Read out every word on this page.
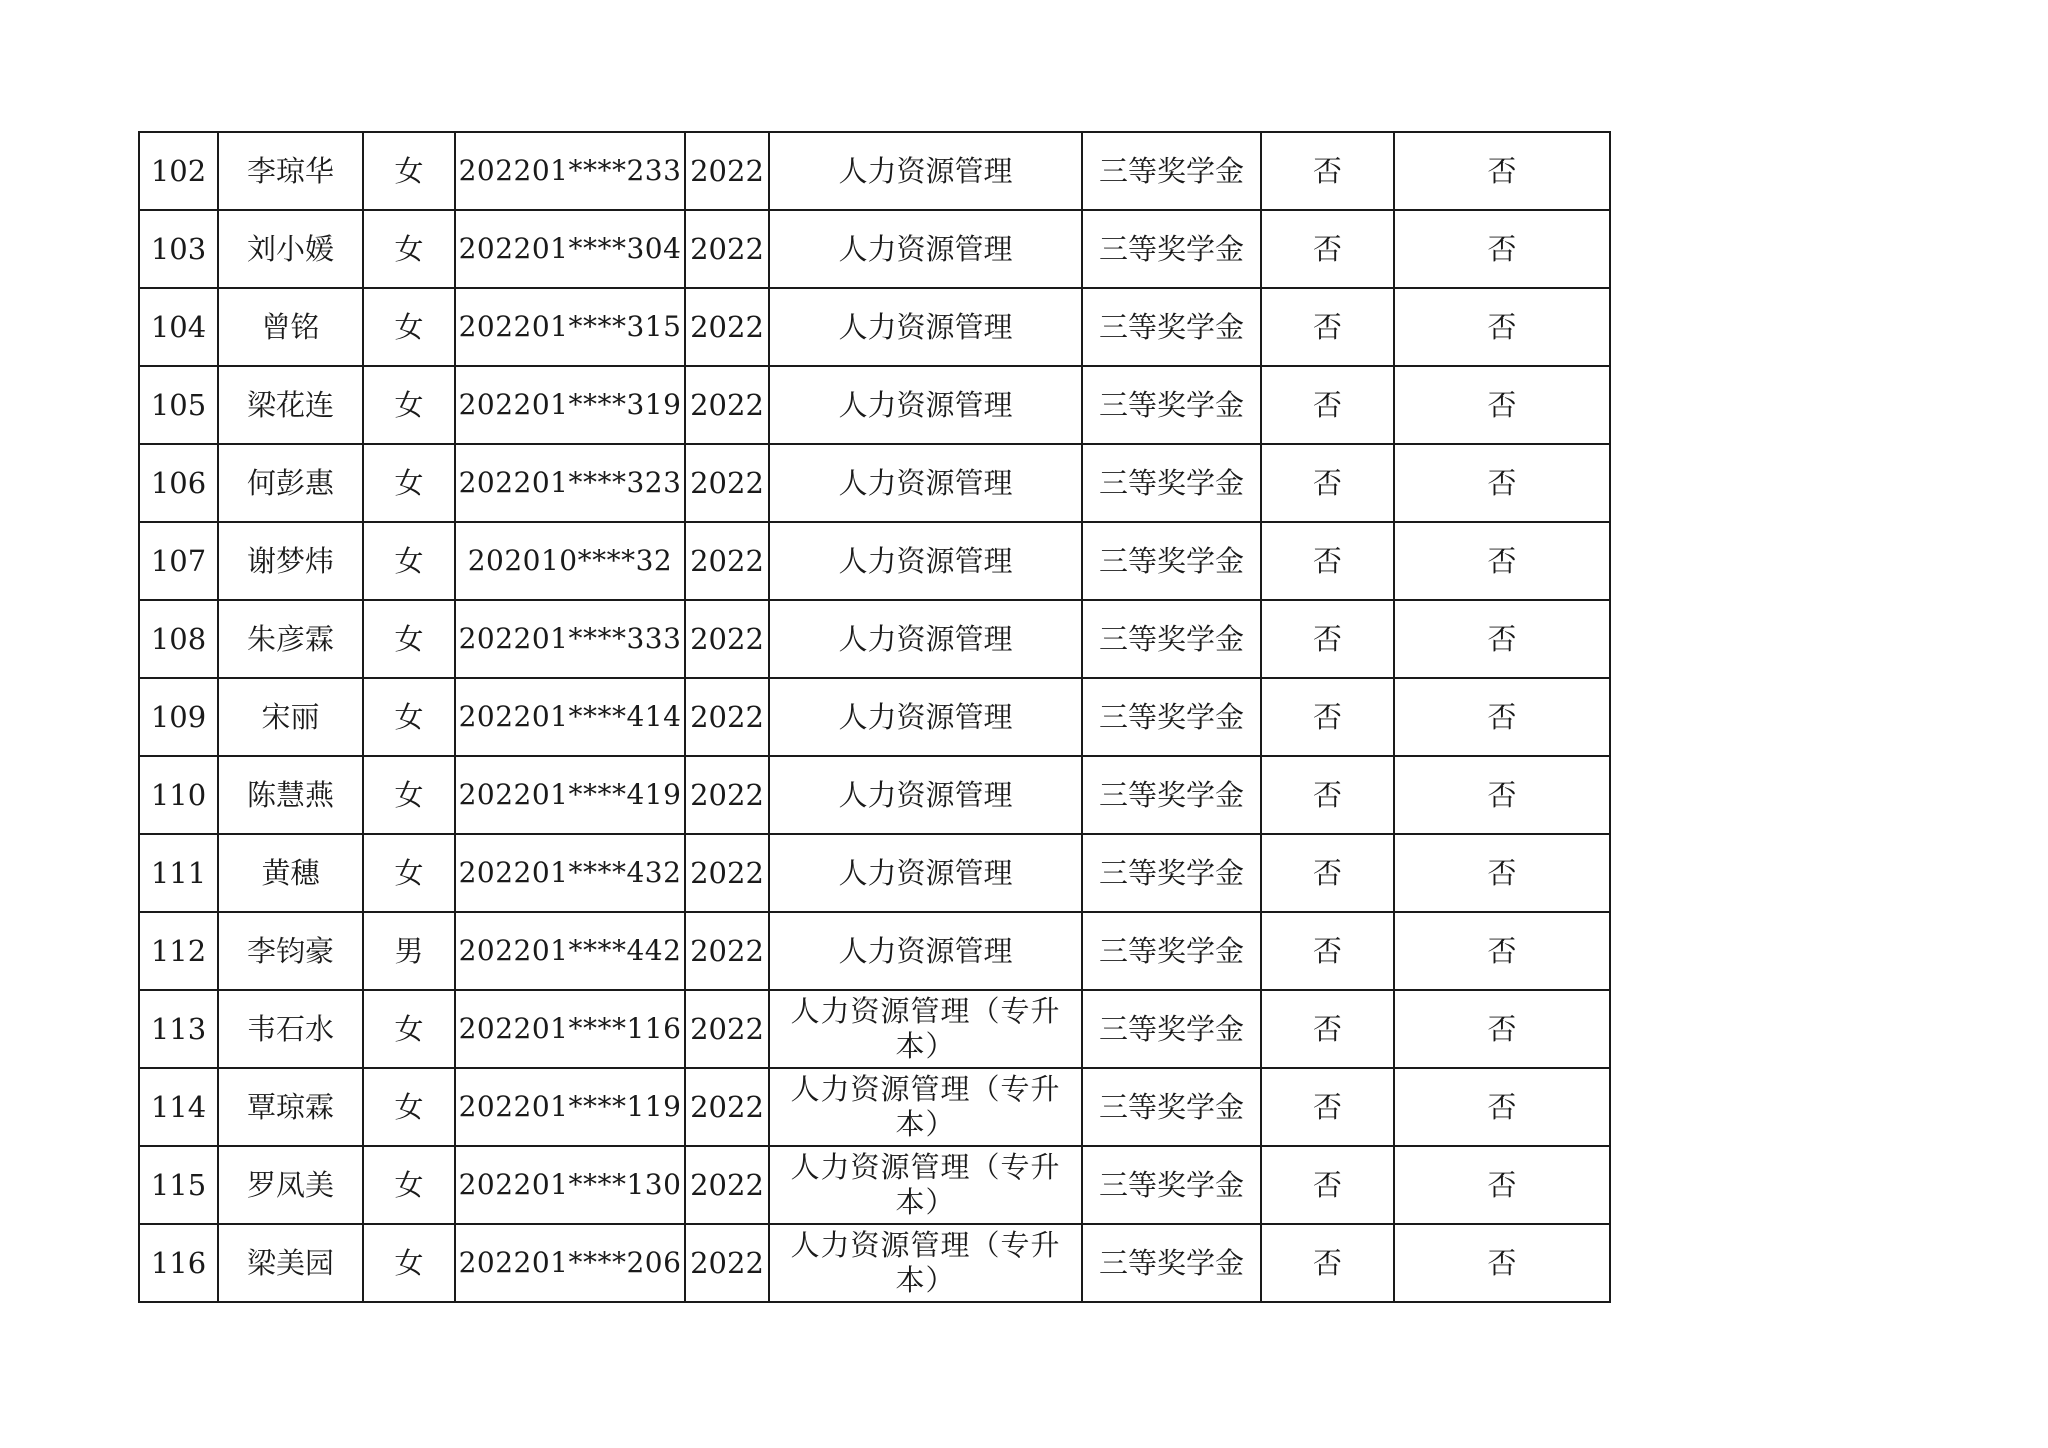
102	李琼华	女	202201****233	2022	人力资源管理	三等奖学金	否	否
103	刘小媛	女	202201****304	2022	人力资源管理	三等奖学金	否	否
104	曾铭	女	202201****315	2022	人力资源管理	三等奖学金	否	否
105	梁花连	女	202201****319	2022	人力资源管理	三等奖学金	否	否
106	何彭惠	女	202201****323	2022	人力资源管理	三等奖学金	否	否
107	谢梦炜	女	202010****32	2022	人力资源管理	三等奖学金	否	否
108	朱彦霖	女	202201****333	2022	人力资源管理	三等奖学金	否	否
109	宋丽	女	202201****414	2022	人力资源管理	三等奖学金	否	否
110	陈慧燕	女	202201****419	2022	人力资源管理	三等奖学金	否	否
111	黄穗	女	202201****432	2022	人力资源管理	三等奖学金	否	否
112	李钧豪	男	202201****442	2022	人力资源管理	三等奖学金	否	否
113	韦石水	女	202201****116	2022	人力资源管理（专升本）	三等奖学金	否	否
114	覃琼霖	女	202201****119	2022	人力资源管理（专升本）	三等奖学金	否	否
115	罗凤美	女	202201****130	2022	人力资源管理（专升本）	三等奖学金	否	否
116	梁美园	女	202201****206	2022	人力资源管理（专升本）	三等奖学金	否	否
